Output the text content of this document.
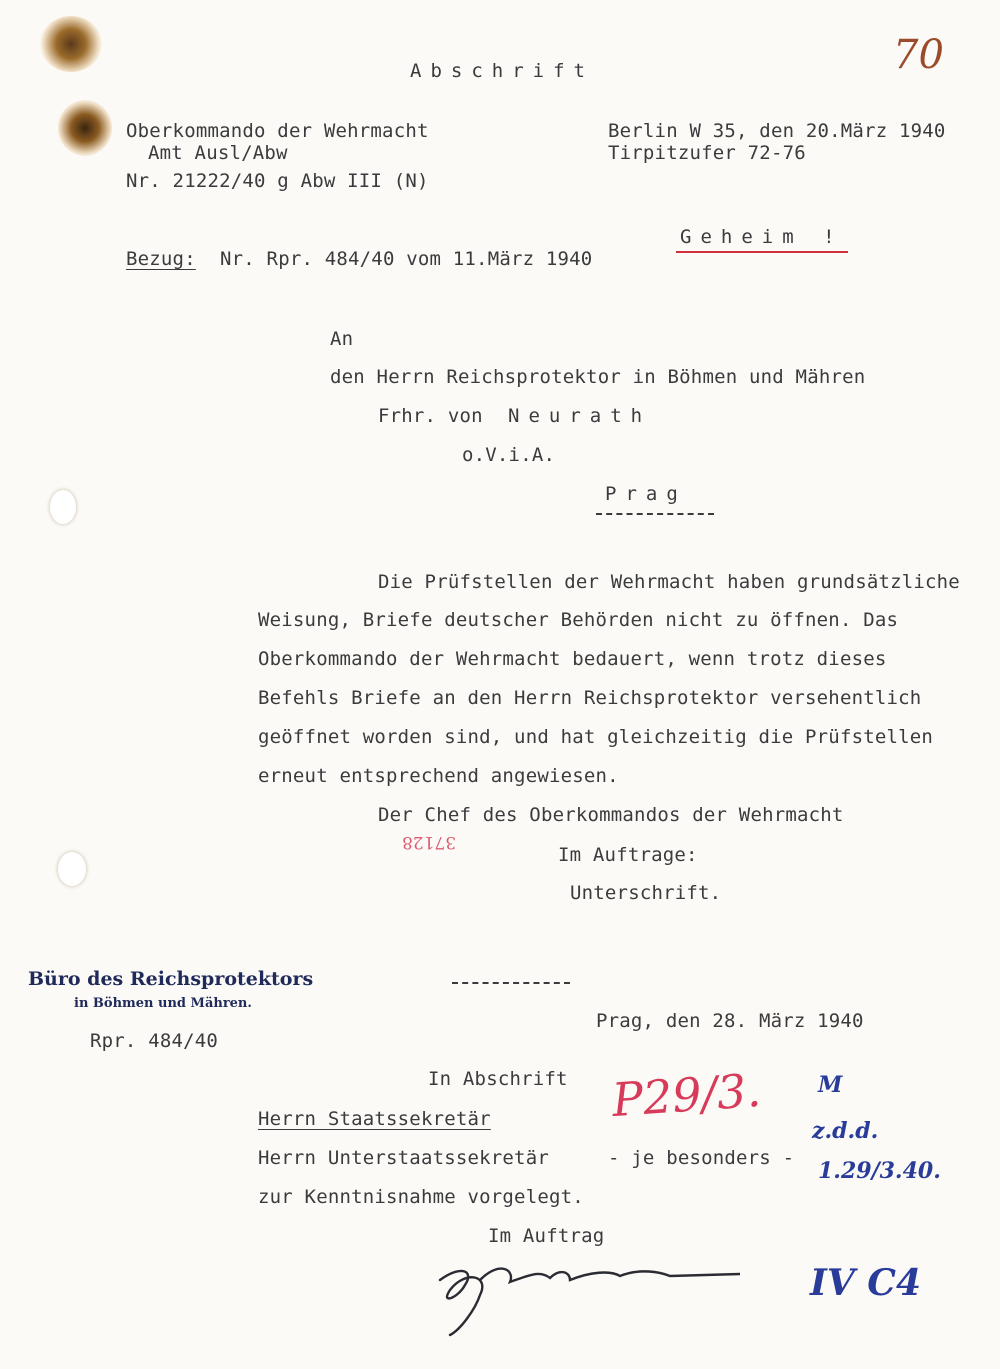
70
Abschrift
Oberkommando der Wehrmacht
Amt Ausl/Abw
Nr. 21222/40 g Abw III (N)
Berlin W 35, den 20.März 1940
Tirpitzufer 72-76
Geheim !
Bezug: Nr. Rpr. 484/40 vom 11.März 1940
An
den Herrn Reichsprotektor in Böhmen und Mähren
Frhr. von Neurath
o.V.i.A.
Prag
Die Prüfstellen der Wehrmacht haben grundsätzliche
Weisung, Briefe deutscher Behörden nicht zu öffnen. Das
Oberkommando der Wehrmacht bedauert, wenn trotz dieses
Befehls Briefe an den Herrn Reichsprotektor versehentlich
geöffnet worden sind, und hat gleichzeitig die Prüfstellen
erneut entsprechend angewiesen.
Der Chef des Oberkommandos der Wehrmacht
37128
Im Auftrage:
Unterschrift.
Büro des Reichsprotektors
in Böhmen und Mähren.
Rpr. 484/40
Prag, den 28. März 1940
In Abschrift
Herrn Staatssekretär
Herrn Unterstaatssekretär	- je besonders -
zur Kenntnisnahme vorgelegt.
Im Auftrag
P29/3.	M
z.d.d.
1.29/3.40.
IV C4
